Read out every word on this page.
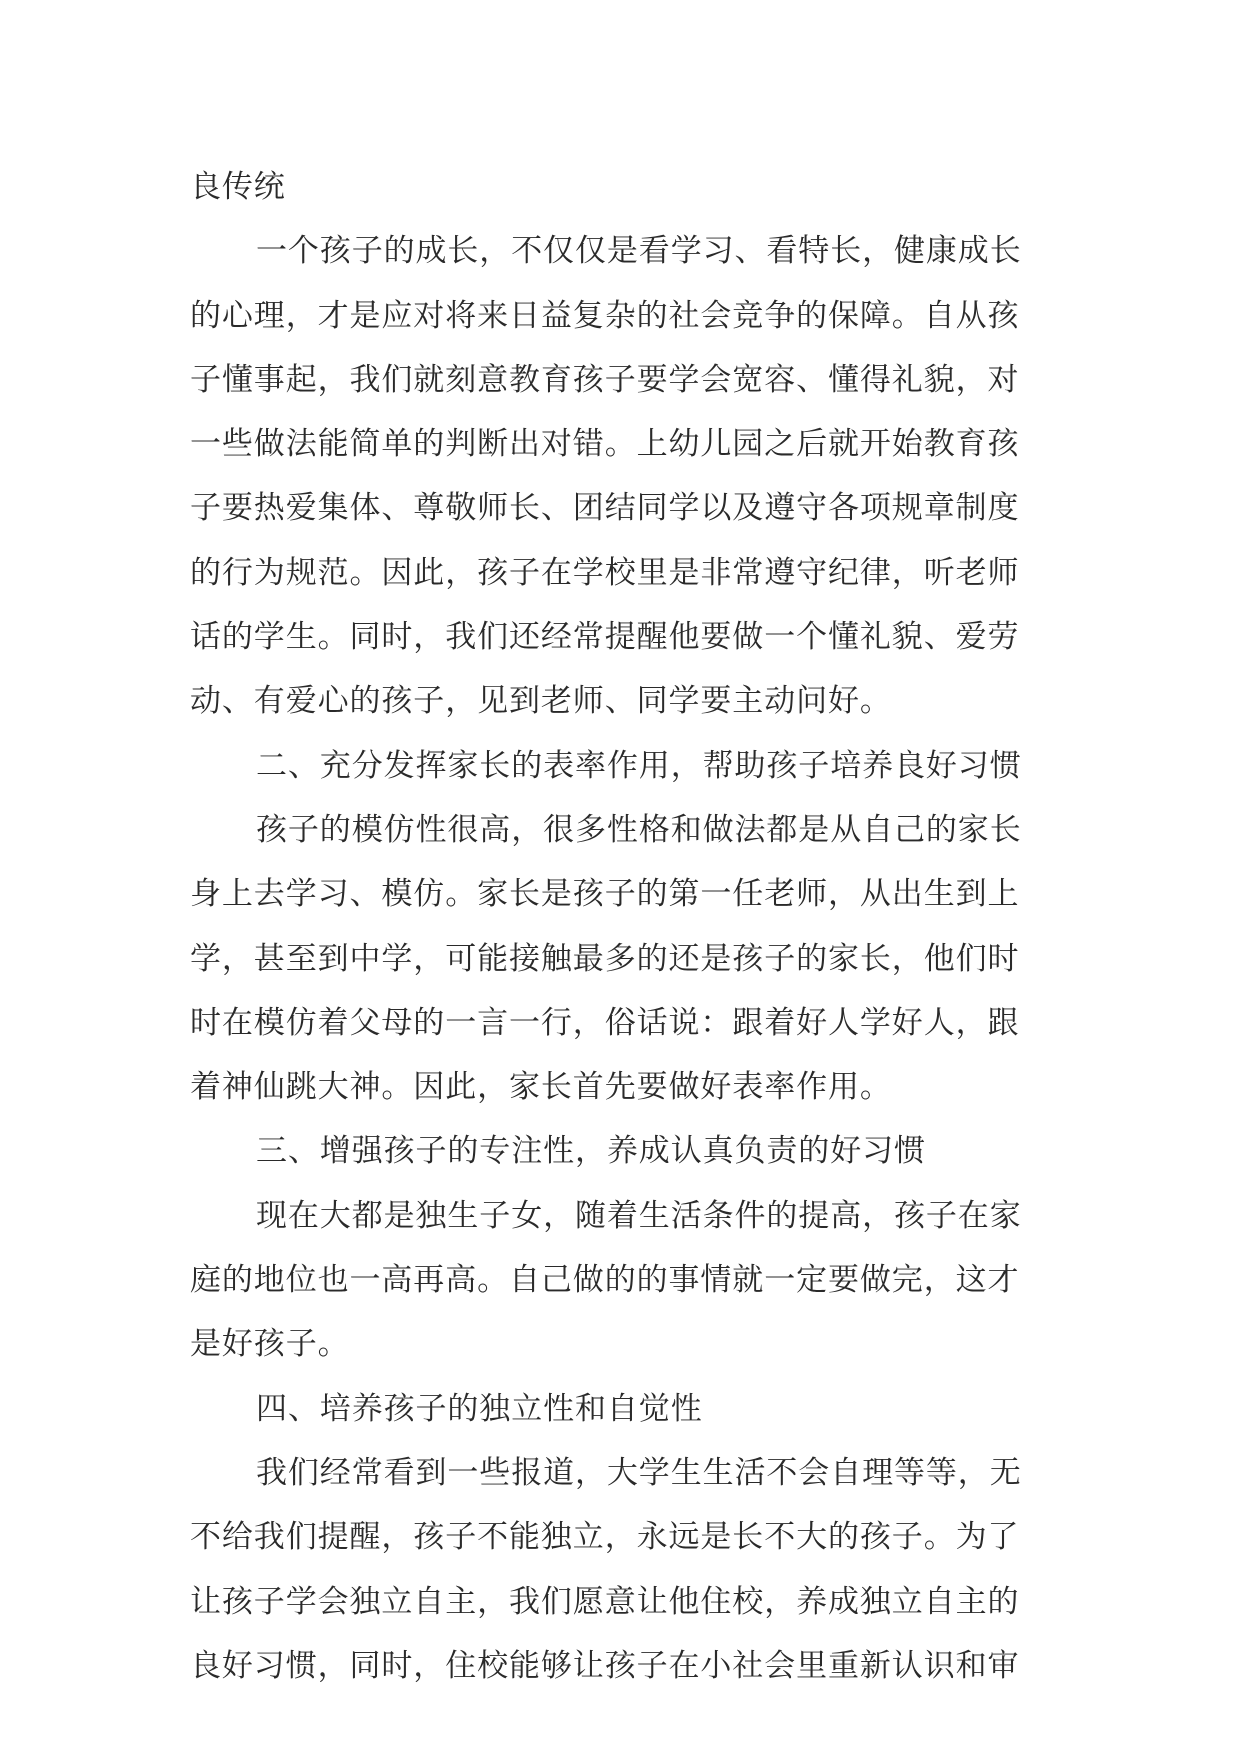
良传统
一个孩子的成长，不仅仅是看学习、看特长，健康成长
的心理，才是应对将来日益复杂的社会竞争的保障。自从孩
子懂事起，我们就刻意教育孩子要学会宽容、懂得礼貌，对
一些做法能简单的判断出对错。上幼儿园之后就开始教育孩
子要热爱集体、尊敬师长、团结同学以及遵守各项规章制度
的行为规范。因此，孩子在学校里是非常遵守纪律，听老师
话的学生。同时，我们还经常提醒他要做一个懂礼貌、爱劳
动、有爱心的孩子，见到老师、同学要主动问好。
二、充分发挥家长的表率作用，帮助孩子培养良好习惯
孩子的模仿性很高，很多性格和做法都是从自己的家长
身上去学习、模仿。家长是孩子的第一任老师，从出生到上
学，甚至到中学，可能接触最多的还是孩子的家长，他们时
时在模仿着父母的一言一行，俗话说：跟着好人学好人，跟
着神仙跳大神。因此，家长首先要做好表率作用。
三、增强孩子的专注性，养成认真负责的好习惯
现在大都是独生子女，随着生活条件的提高，孩子在家
庭的地位也一高再高。自己做的的事情就一定要做完，这才
是好孩子。
四、培养孩子的独立性和自觉性
我们经常看到一些报道，大学生生活不会自理等等，无
不给我们提醒，孩子不能独立，永远是长不大的孩子。为了
让孩子学会独立自主，我们愿意让他住校，养成独立自主的
良好习惯，同时，住校能够让孩子在小社会里重新认识和审
